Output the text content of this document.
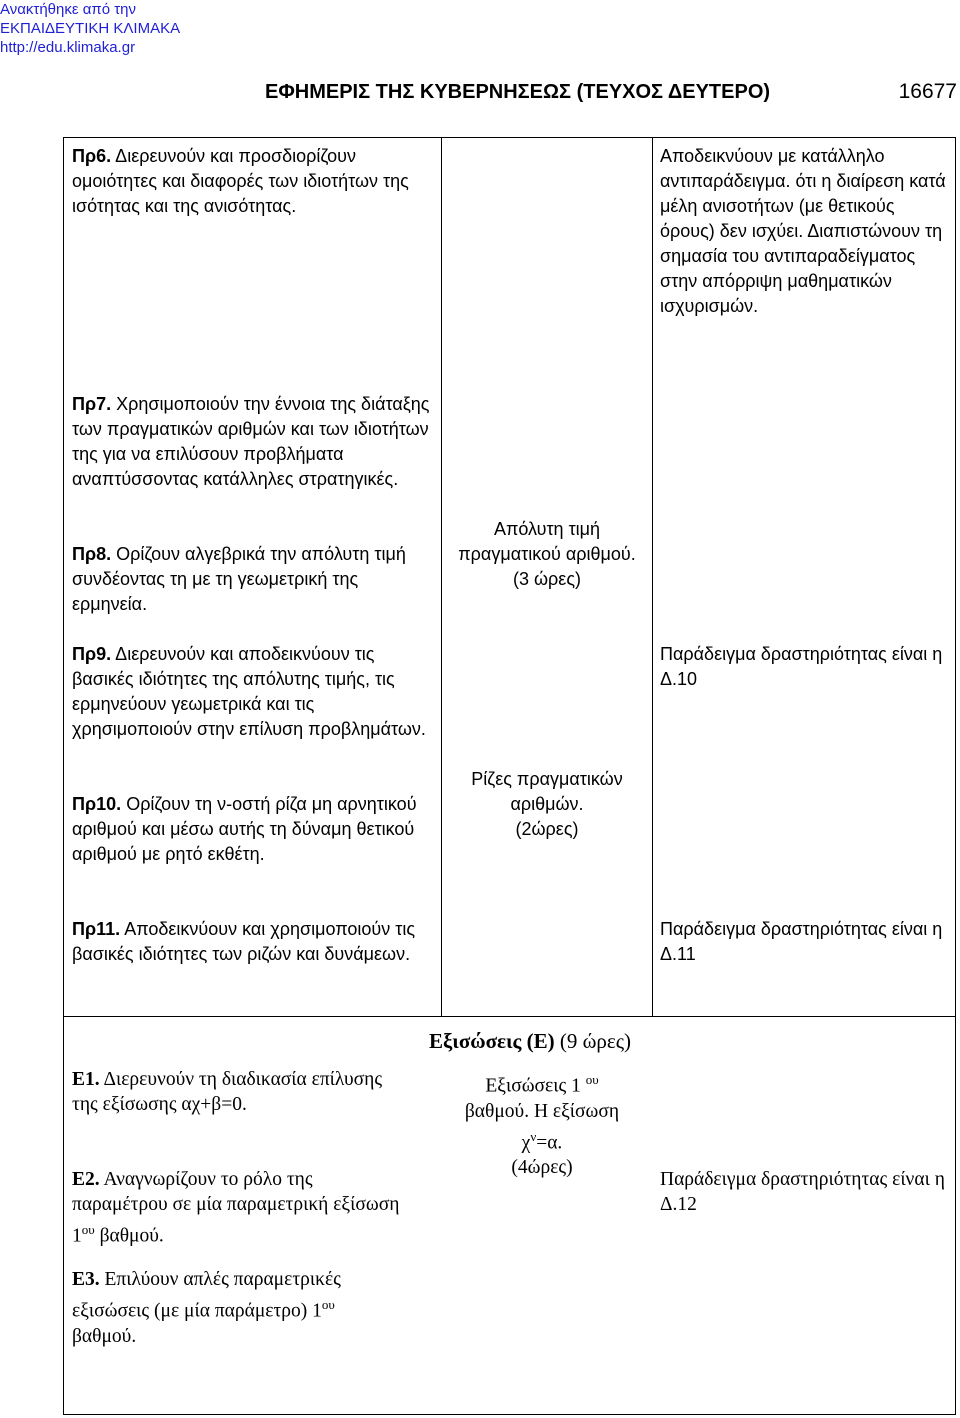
Ανακτήθηκε από την
ΕΚΠΑΙΔΕΥΤΙΚΗ ΚΛΙΜΑΚΑ
http://edu.klimaka.gr
ΕΦΗΜΕΡΙΣ ΤΗΣ ΚΥΒΕΡΝΗΣΕΩΣ (ΤΕΥΧΟΣ ΔΕΥΤΕΡΟ)	16677
Πρ6. Διερευνούν και προσδιορίζουν ομοιότητες και διαφορές των ιδιοτήτων της ισότητας και της ανισότητας.
Αποδεικνύουν με κατάλληλο αντιπαράδειγμα. ότι η διαίρεση κατά μέλη ανισοτήτων (με θετικούς όρους) δεν ισχύει. Διαπιστώνουν τη σημασία του αντιπαραδείγματος στην απόρριψη μαθηματικών ισχυρισμών.
Πρ7. Χρησιμοποιούν την έννοια της διάταξης των πραγματικών αριθμών και των ιδιοτήτων της για να επιλύσουν προβλήματα αναπτύσσοντας κατάλληλες στρατηγικές.
Πρ8. Ορίζουν αλγεβρικά την απόλυτη τιμή συνδέοντας τη με τη γεωμετρική της ερμηνεία.
Απόλυτη τιμή
πραγματικού αριθμού.
(3 ώρες)
Πρ9. Διερευνούν και αποδεικνύουν τις βασικές ιδιότητες της απόλυτης τιμής, τις ερμηνεύουν γεωμετρικά και τις χρησιμοποιούν στην επίλυση προβλημάτων.
Παράδειγμα δραστηριότητας είναι η Δ.10
Ρίζες πραγματικών
αριθμών.
(2ώρες)
Πρ10. Ορίζουν τη ν-οστή ρίζα μη αρνητικού αριθμού και μέσω αυτής τη δύναμη θετικού αριθμού με ρητό εκθέτη.
Πρ11. Αποδεικνύουν και χρησιμοποιούν τις βασικές ιδιότητες των ριζών και δυνάμεων.
Παράδειγμα δραστηριότητας είναι η Δ.11
Εξισώσεις (Ε) (9 ώρες)
Ε1. Διερευνούν τη διαδικασία επίλυσης της εξίσωσης αχ+β=0.
Εξισώσεις 1 $^{o\upsilon}$
βαθμού. Η εξίσωση
$\chi^\nu=\alpha$.
(4ώρες)
Ε2. Αναγνωρίζουν το ρόλο της παραμέτρου σε μία παραμετρική εξίσωση $1^{o\upsilon}$ βαθμού.
Παράδειγμα δραστηριότητας είναι η Δ.12
Ε3. Επιλύουν απλές παραμετρικές εξισώσεις (με μία παράμετρο) $1^{o\upsilon}$
βαθμού.
